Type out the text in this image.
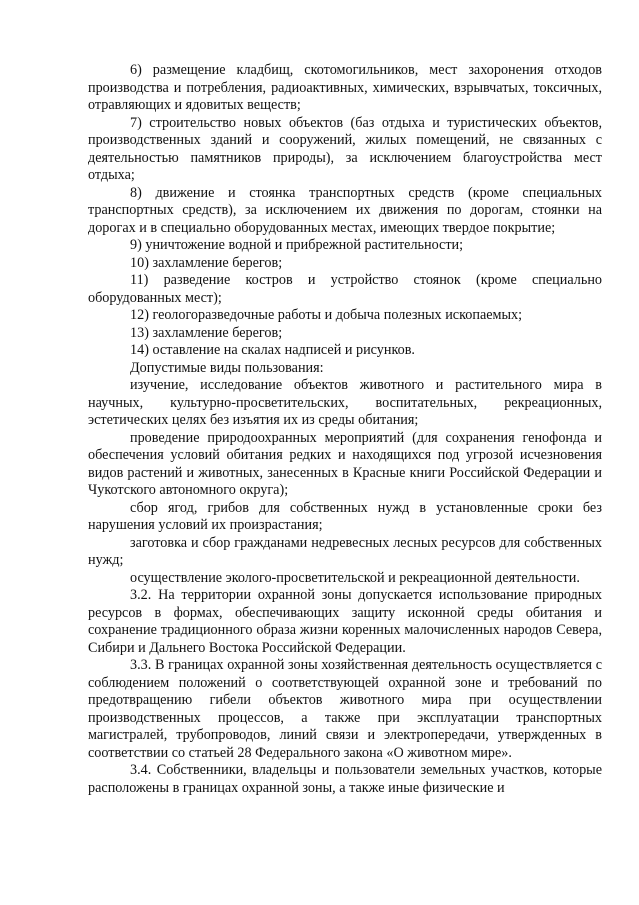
6) размещение кладбищ, скотомогильников, мест захоронения отходов производства и потребления, радиоактивных, химических, взрывчатых, токсичных, отравляющих и ядовитых веществ;

7) строительство новых объектов (баз отдыха и туристических объектов, производственных зданий и сооружений, жилых помещений, не связанных с деятельностью памятников природы), за исключением благоустройства мест отдыха;

8) движение и стоянка транспортных средств (кроме специальных транспортных средств), за исключением их движения по дорогам, стоянки на дорогах и в специально оборудованных местах, имеющих твердое покрытие;

9) уничтожение водной и прибрежной растительности;

10) захламление берегов;

11) разведение костров и устройство стоянок (кроме специально оборудованных мест);

12) геологоразведочные работы и добыча полезных ископаемых;

13) захламление берегов;

14) оставление на скалах надписей и рисунков.

Допустимые виды пользования:

изучение, исследование объектов животного и растительного мира в научных, культурно-просветительских, воспитательных, рекреационных, эстетических целях без изъятия их из среды обитания;

проведение природоохранных мероприятий (для сохранения генофонда и обеспечения условий обитания редких и находящихся под угрозой исчезновения видов растений и животных, занесенных в Красные книги Российской Федерации и Чукотского автономного округа);

сбор ягод, грибов для собственных нужд в установленные сроки без нарушения условий их произрастания;

заготовка и сбор гражданами недревесных лесных ресурсов для собственных нужд;

осуществление эколого-просветительской и рекреационной деятельности.

3.2. На территории охранной зоны допускается использование природных ресурсов в формах, обеспечивающих защиту исконной среды обитания и сохранение традиционного образа жизни коренных малочисленных народов Севера, Сибири и Дальнего Востока Российской Федерации.

3.3. В границах охранной зоны хозяйственная деятельность осуществляется с соблюдением положений о соответствующей охранной зоне и требований по предотвращению гибели объектов животного мира при осуществлении производственных процессов, а также при эксплуатации транспортных магистралей, трубопроводов, линий связи и электропередачи, утвержденных в соответствии со статьей 28 Федерального закона «О животном мире».

3.4. Собственники, владельцы и пользователи земельных участков, которые расположены в границах охранной зоны, а также иные физические и
